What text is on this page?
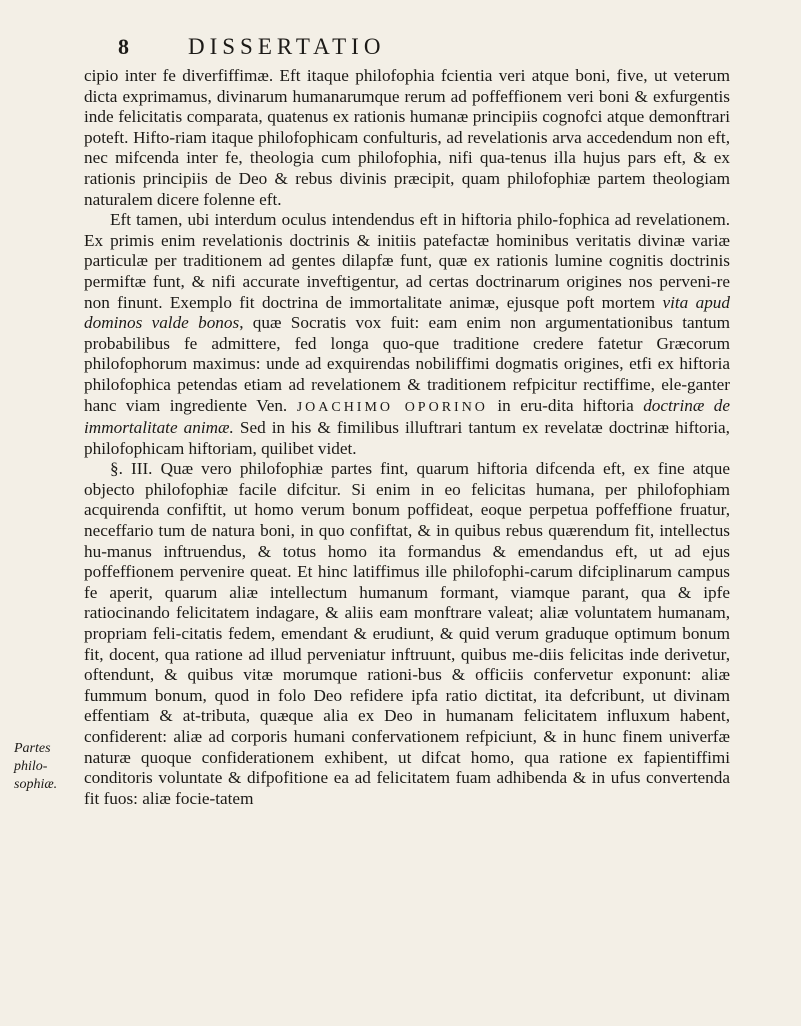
8	DISSERTATIO
Partes philo- sophiæ.

cipio inter fe diverfiffimæ. Eft itaque philofophia fcientia veri atque boni, five, ut veterum dicta exprimamus, divinarum humanarumque rerum ad poffeffionem veri boni & exfurgentis inde felicitatis comparata, quatenus ex rationis humanæ principiis cognofci atque demonftrari poteft. Hifto-riam itaque philofophicam confulturis, ad revelationis arva accedendum non eft, nec mifcenda inter fe, theologia cum philofophia, nifi qua-tenus illa hujus pars eft, & ex rationis principiis de Deo & rebus divinis præcipit, quam philofophiæ partem theologiam naturalem dicere folenne eft.

Eft tamen, ubi interdum oculus intendendus eft in hiftoria philo-fophica ad revelationem. Ex primis enim revelationis doctrinis & initiis patefactæ hominibus veritatis divinæ variæ particulæ per traditionem ad gentes dilapfæ funt, quæ ex rationis lumine cognitis doctrinis permiftæ funt, & nifi accurate inveftigentur, ad certas doctrinarum origines nos perveni-re non finunt. Exemplo fit doctrina de immortalitate animæ, ejusque poft mortem vita apud dominos valde bonos, quæ Socratis vox fuit: eam enim non argumentationibus tantum probabilibus fe admittere, fed longa quo-que traditione credere fatetur Græcorum philofophorum maximus: unde ad exquirendas nobiliffimi dogmatis origines, etfi ex hiftoria philofophica petendas etiam ad revelationem & traditionem refpicitur rectiffime, ele-ganter hanc viam ingrediente Ven. JOACHIMO OPORINO in eru-dita hiftoria doctrinæ de immortalitate animæ. Sed in his & fimilibus illuftrari tantum ex revelatæ doctrinæ hiftoria, philofophicam hiftoriam, quilibet videt.

§. III. Quæ vero philofophiæ partes fint, quarum hiftoria difcenda eft, ex fine atque objecto philofophiæ facile difcitur. Si enim in eo felicitas humana, per philofophiam acquirenda confiftit, ut homo verum bonum poffideat, eoque perpetua poffeffione fruatur, neceffario tum de natura boni, in quo confiftat, & in quibus rebus quærendum fit, intellectus hu-manus inftruendus, & totus homo ita formandus & emendandus eft, ut ad ejus poffeffionem pervenire queat. Et hinc latiffimus ille philofophi-carum difciplinarum campus fe aperit, quarum aliæ intellectum humanum formant, viamque parant, qua & ipfe ratiocinando felicitatem indagare, & aliis eam monftrare valeat; aliæ voluntatem humanam, propriam feli-citatis fedem, emendant & erudiunt, & quid verum graduque optimum bonum fit, docent, qua ratione ad illud perveniatur inftruunt, quibus me-diis felicitas inde derivetur, oftendunt, & quibus vitæ morumque rationi-bus & officiis confervetur exponunt: aliæ fummum bonum, quod in folo Deo refidere ipfa ratio dictitat, ita defcribunt, ut divinam effentiam & at-tributa, quæque alia ex Deo in humanam felicitatem influxum habent, confiderent: aliæ ad corporis humani confervationem refpiciunt, & in hunc finem univerfæ naturæ quoque confiderationem exhibent, ut difcat homo, qua ratione ex fapientiffimi conditoris voluntate & difpofitione ea ad felicitatem fuam adhibenda & in ufus convertenda fit fuos: aliæ focie-tatem
